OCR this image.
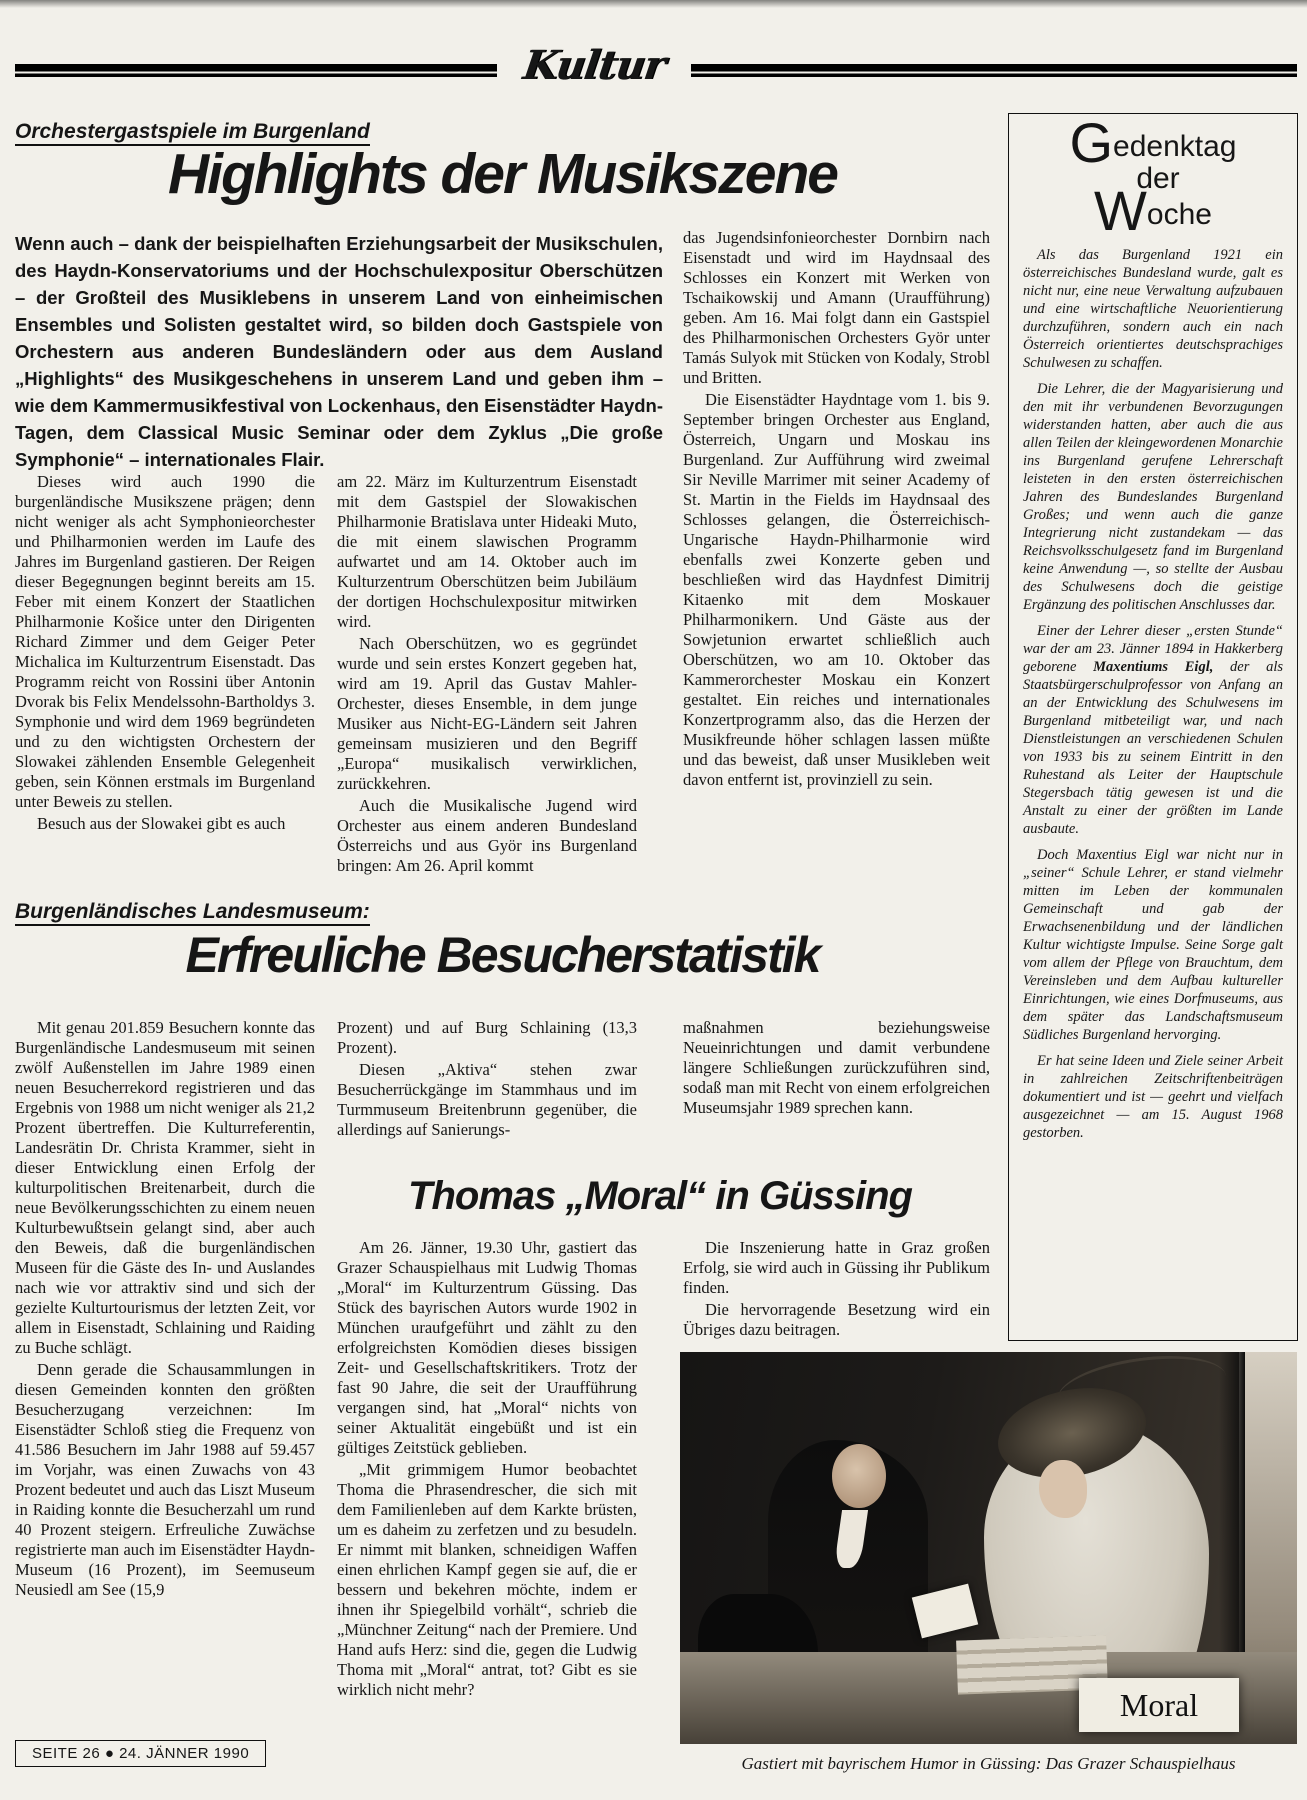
Kultur
Orchestergastspiele im Burgenland
Highlights der Musikszene
Wenn auch – dank der beispielhaften Erziehungsarbeit der Musikschulen, des Haydn-Konservatoriums und der Hochschulexpositur Oberschützen – der Großteil des Musiklebens in unserem Land von einheimischen Ensembles und Solisten gestaltet wird, so bilden doch Gastspiele von Orchestern aus anderen Bundesländern oder aus dem Ausland „Highlights“ des Musikgeschehens in unserem Land und geben ihm – wie dem Kammermusikfestival von Lockenhaus, den Eisenstädter Haydn-Tagen, dem Classical Music Seminar oder dem Zyklus „Die große Symphonie“ – internationales Flair.

Dieses wird auch 1990 die burgenländische Musikszene prägen; denn nicht weniger als acht Symphonieorchester und Philharmonien werden im Laufe des Jahres im Burgenland gastieren. Der Reigen dieser Begegnungen beginnt bereits am 15. Feber mit einem Konzert der Staatlichen Philharmonie Košice unter den Dirigenten Richard Zimmer und dem Geiger Peter Michalica im Kulturzentrum Eisenstadt. Das Programm reicht von Rossini über Antonin Dvorak bis Felix Mendelssohn-Bartholdys 3. Symphonie und wird dem 1969 begründeten und zu den wichtigsten Orchestern der Slowakei zählenden Ensemble Gelegenheit geben, sein Können erstmals im Burgenland unter Beweis zu stellen.

Besuch aus der Slowakei gibt es auch

am 22. März im Kulturzentrum Eisenstadt mit dem Gastspiel der Slowakischen Philharmonie Bratislava unter Hideaki Muto, die mit einem slawischen Programm aufwartet und am 14. Oktober auch im Kulturzentrum Oberschützen beim Jubiläum der dortigen Hochschulexpositur mitwirken wird.

Nach Oberschützen, wo es gegründet wurde und sein erstes Konzert gegeben hat, wird am 19. April das Gustav Mahler-Orchester, dieses Ensemble, in dem junge Musiker aus Nicht-EG-Ländern seit Jahren gemeinsam musizieren und den Begriff „Europa“ musikalisch verwirklichen, zurückkehren.

Auch die Musikalische Jugend wird Orchester aus einem anderen Bundesland Österreichs und aus Györ ins Burgenland bringen: Am 26. April kommt

das Jugendsinfonieorchester Dornbirn nach Eisenstadt und wird im Haydnsaal des Schlosses ein Konzert mit Werken von Tschaikowskij und Amann (Uraufführung) geben. Am 16. Mai folgt dann ein Gastspiel des Philharmonischen Orchesters Györ unter Tamás Sulyok mit Stücken von Kodaly, Strobl und Britten.

Die Eisenstädter Haydntage vom 1. bis 9. September bringen Orchester aus England, Österreich, Ungarn und Moskau ins Burgenland. Zur Aufführung wird zweimal Sir Neville Marrimer mit seiner Academy of St. Martin in the Fields im Haydnsaal des Schlosses gelangen, die Österreichisch-Ungarische Haydn-Philharmonie wird ebenfalls zwei Konzerte geben und beschließen wird das Haydnfest Dimitrij Kitaenko mit dem Moskauer Philharmonikern. Und Gäste aus der Sowjetunion erwartet schließlich auch Oberschützen, wo am 10. Oktober das Kammerorchester Moskau ein Konzert gestaltet. Ein reiches und internationales Konzertprogramm also, das die Herzen der Musikfreunde höher schlagen lassen müßte und das beweist, daß unser Musikleben weit davon entfernt ist, provinziell zu sein.

Burgenländisches Landesmuseum:
Erfreuliche Besucherstatistik

Mit genau 201.859 Besuchern konnte das Burgenländische Landesmuseum mit seinen zwölf Außenstellen im Jahre 1989 einen neuen Besucherrekord registrieren und das Ergebnis von 1988 um nicht weniger als 21,2 Prozent übertreffen. Die Kulturreferentin, Landesrätin Dr. Christa Krammer, sieht in dieser Entwicklung einen Erfolg der kulturpolitischen Breitenarbeit, durch die neue Bevölkerungsschichten zu einem neuen Kulturbewußtsein gelangt sind, aber auch den Beweis, daß die burgenländischen Museen für die Gäste des In- und Auslandes nach wie vor attraktiv sind und sich der gezielte Kulturtourismus der letzten Zeit, vor allem in Eisenstadt, Schlaining und Raiding zu Buche schlägt.

Denn gerade die Schausammlungen in diesen Gemeinden konnten den größten Besucherzugang verzeichnen: Im Eisenstädter Schloß stieg die Frequenz von 41.586 Besuchern im Jahr 1988 auf 59.457 im Vorjahr, was einen Zuwachs von 43 Prozent bedeutet und auch das Liszt Museum in Raiding konnte die Besucherzahl um rund 40 Prozent steigern. Erfreuliche Zuwächse registrierte man auch im Eisenstädter Haydn-Museum (16 Prozent), im Seemuseum Neusiedl am See (15,9

Prozent) und auf Burg Schlaining (13,3 Prozent).

Diesen „Aktiva“ stehen zwar Besucherrückgänge im Stammhaus und im Turmmuseum Breitenbrunn gegenüber, die allerdings auf Sanierungs-

maßnahmen beziehungsweise Neueinrichtungen und damit verbundene längere Schließungen zurückzuführen sind, sodaß man mit Recht von einem erfolgreichen Museumsjahr 1989 sprechen kann.

Thomas „Moral“ in Güssing

Am 26. Jänner, 19.30 Uhr, gastiert das Grazer Schauspielhaus mit Ludwig Thomas „Moral“ im Kulturzentrum Güssing. Das Stück des bayrischen Autors wurde 1902 in München uraufgeführt und zählt zu den erfolgreichsten Komödien dieses bissigen Zeit- und Gesellschaftskritikers. Trotz der fast 90 Jahre, die seit der Uraufführung vergangen sind, hat „Moral“ nichts von seiner Aktualität eingebüßt und ist ein gültiges Zeitstück geblieben.

„Mit grimmigem Humor beobachtet Thoma die Phrasendrescher, die sich mit dem Familienleben auf dem Karkte brüsten, um es daheim zu zerfetzen und zu besudeln. Er nimmt mit blanken, schneidigen Waffen einen ehrlichen Kampf gegen sie auf, die er bessern und bekehren möchte, indem er ihnen ihr Spiegelbild vorhält“, schrieb die „Münchner Zeitung“ nach der Premiere. Und Hand aufs Herz: sind die, gegen die Ludwig Thoma mit „Moral“ antrat, tot? Gibt es sie wirklich nicht mehr?

Die Inszenierung hatte in Graz großen Erfolg, sie wird auch in Güssing ihr Publikum finden.

Die hervorragende Besetzung wird ein Übriges dazu beitragen.

Gedenktag
der
Woche

Als das Burgenland 1921 ein österreichisches Bundesland wurde, galt es nicht nur, eine neue Verwaltung aufzubauen und eine wirtschaftliche Neuorientierung durchzuführen, sondern auch ein nach Österreich orientiertes deutschsprachiges Schulwesen zu schaffen.

Die Lehrer, die der Magyarisierung und den mit ihr verbundenen Bevorzugungen widerstanden hatten, aber auch die aus allen Teilen der kleingewordenen Monarchie ins Burgenland gerufene Lehrerschaft leisteten in den ersten österreichischen Jahren des Bundeslandes Burgenland Großes; und wenn auch die ganze Integrierung nicht zustandekam — das Reichsvolksschulgesetz fand im Burgenland keine Anwendung —, so stellte der Ausbau des Schulwesens doch die geistige Ergänzung des politischen Anschlusses dar.

Einer der Lehrer dieser „ersten Stunde“ war der am 23. Jänner 1894 in Hakkerberg geborene Maxentiums Eigl, der als Staatsbürgerschulprofessor von Anfang an an der Entwicklung des Schulwesens im Burgenland mitbeteiligt war, und nach Dienstleistungen an verschiedenen Schulen von 1933 bis zu seinem Eintritt in den Ruhestand als Leiter der Hauptschule Stegersbach tätig gewesen ist und die Anstalt zu einer der größten im Lande ausbaute.

Doch Maxentius Eigl war nicht nur in „seiner“ Schule Lehrer, er stand vielmehr mitten im Leben der kommunalen Gemeinschaft und gab der Erwachsenenbildung und der ländlichen Kultur wichtigste Impulse. Seine Sorge galt vom allem der Pflege von Brauchtum, dem Vereinsleben und dem Aufbau kultureller Einrichtungen, wie eines Dorfmuseums, aus dem später das Landschaftsmuseum Südliches Burgenland hervorging.

Er hat seine Ideen und Ziele seiner Arbeit in zahlreichen Zeitschriftenbeiträgen dokumentiert und ist — geehrt und vielfach ausgezeichnet — am 15. August 1968 gestorben.

Moral
Gastiert mit bayrischem Humor in Güssing: Das Grazer Schauspielhaus
SEITE 26 ● 24. JÄNNER 1990
